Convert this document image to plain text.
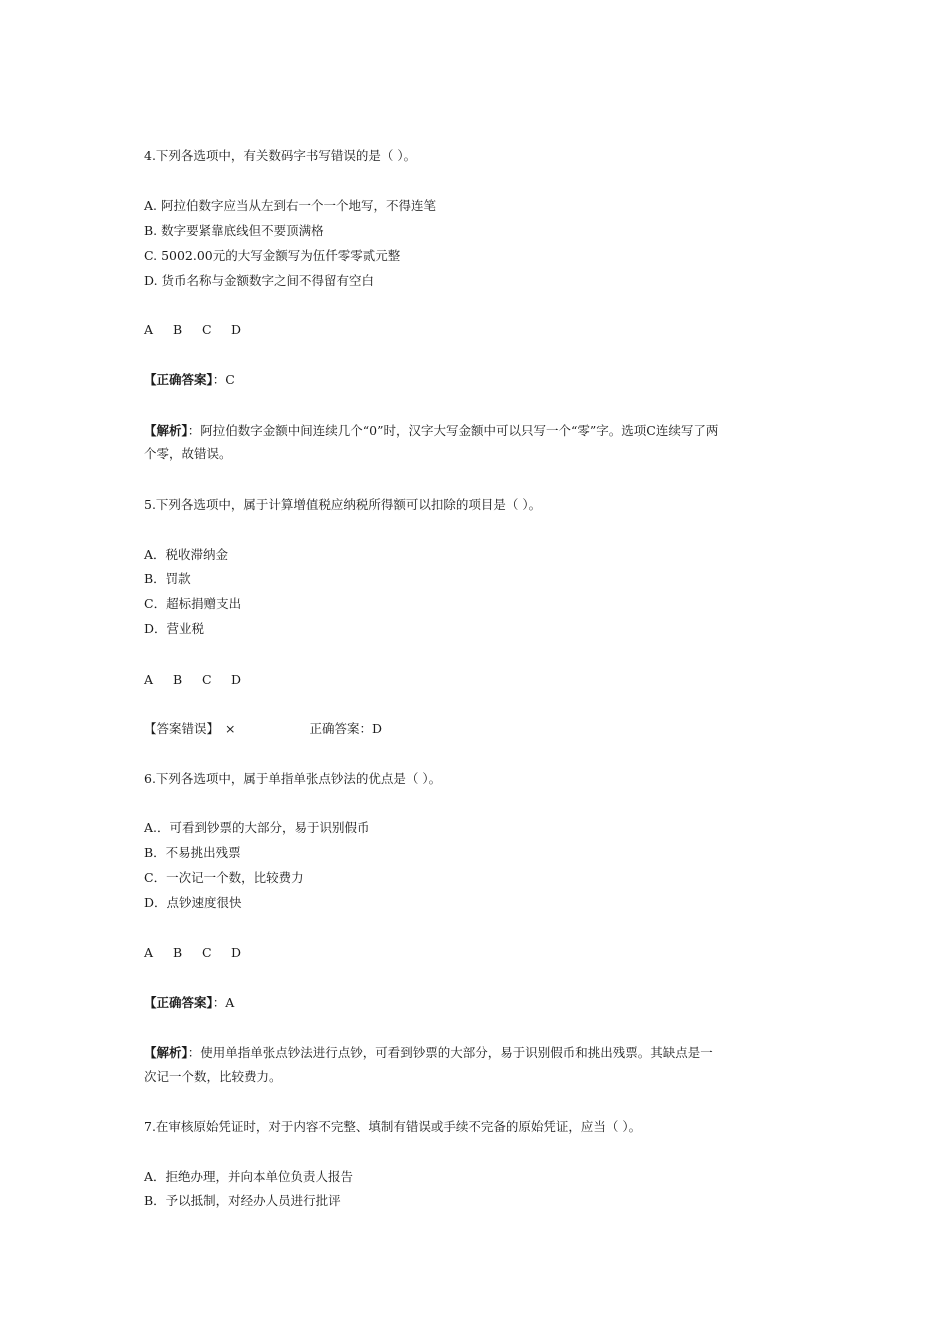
4.下列各选项中，有关数码字书写错误的是（ ）。
A. 阿拉伯数字应当从左到右一个一个地写，不得连笔
B. 数字要紧靠底线但不要顶满格
C. 5002.00元的大写金额写为伍仟零零贰元整
D. 货币名称与金额数字之间不得留有空白
A B C D
【正确答案】：C
【解析】：阿拉伯数字金额中间连续几个“0”时，汉字大写金额中可以只写一个“零”字。选项C连续写了两
个零，故错误。
5.下列各选项中，属于计算增值税应纳税所得额可以扣除的项目是（ ）。
A．税收滞纳金
B．罚款
C．超标捐赠支出
D．营业税
A B C D
【答案错误】 ×	正确答案：D
6.下列各选项中，属于单指单张点钞法的优点是（ ）。
A.．可看到钞票的大部分，易于识别假币
B．不易挑出残票
C．一次记一个数，比较费力
D．点钞速度很快
A B C D
【正确答案】：A
【解析】：使用单指单张点钞法进行点钞，可看到钞票的大部分，易于识别假币和挑出残票。其缺点是一
次记一个数，比较费力。
7.在审核原始凭证时，对于内容不完整、填制有错误或手续不完备的原始凭证，应当（ ）。
A．拒绝办理，并向本单位负责人报告
B．予以抵制，对经办人员进行批评
